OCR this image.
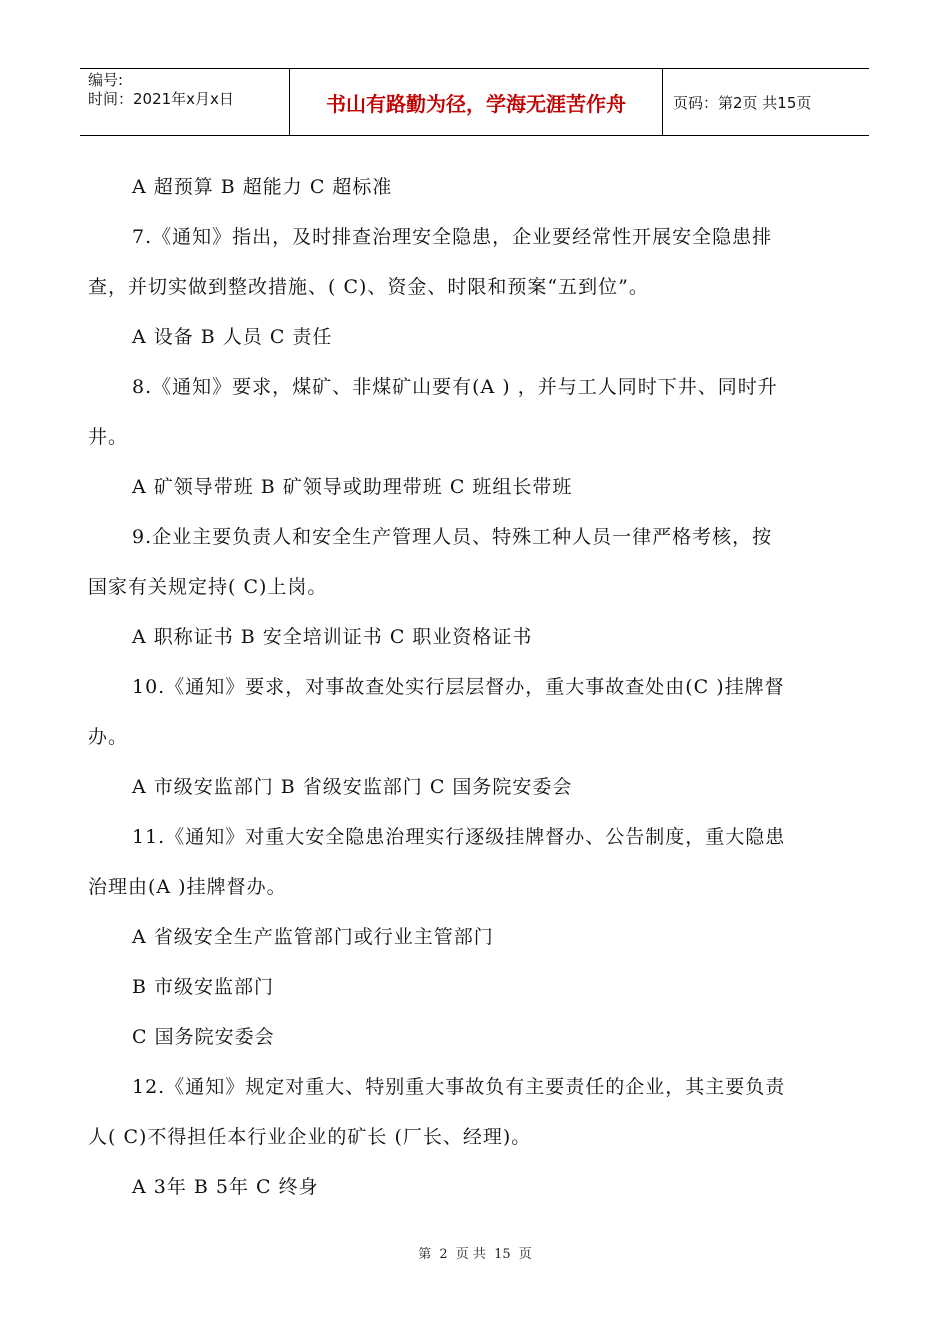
编号:
时间：2021年x月x日	书山有路勤为径，学海无涯苦作舟	页码：第2页 共15页

A 超预算 B 超能力 C 超标准

7.《通知》指出，及时排查治理安全隐患，企业要经常性开展安全隐患排

查，并切实做到整改措施、( C)、资金、时限和预案“五到位”。

A 设备 B 人员 C 责任

8.《通知》要求，煤矿、非煤矿山要有(A ) ，并与工人同时下井、同时升

井。

A 矿领导带班 B 矿领导或助理带班 C 班组长带班

9.企业主要负责人和安全生产管理人员、特殊工种人员一律严格考核，按

国家有关规定持( C)上岗。

A 职称证书 B 安全培训证书 C 职业资格证书

10.《通知》要求，对事故查处实行层层督办，重大事故查处由(C )挂牌督

办。

A 市级安监部门 B 省级安监部门 C 国务院安委会

11.《通知》对重大安全隐患治理实行逐级挂牌督办、公告制度，重大隐患

治理由(A )挂牌督办。

A 省级安全生产监管部门或行业主管部门

B 市级安监部门

C 国务院安委会

12.《通知》规定对重大、特别重大事故负有主要责任的企业，其主要负责

人( C)不得担任本行业企业的矿长 (厂长、经理)。

A 3年 B 5年 C 终身

第 2 页 共 15 页
